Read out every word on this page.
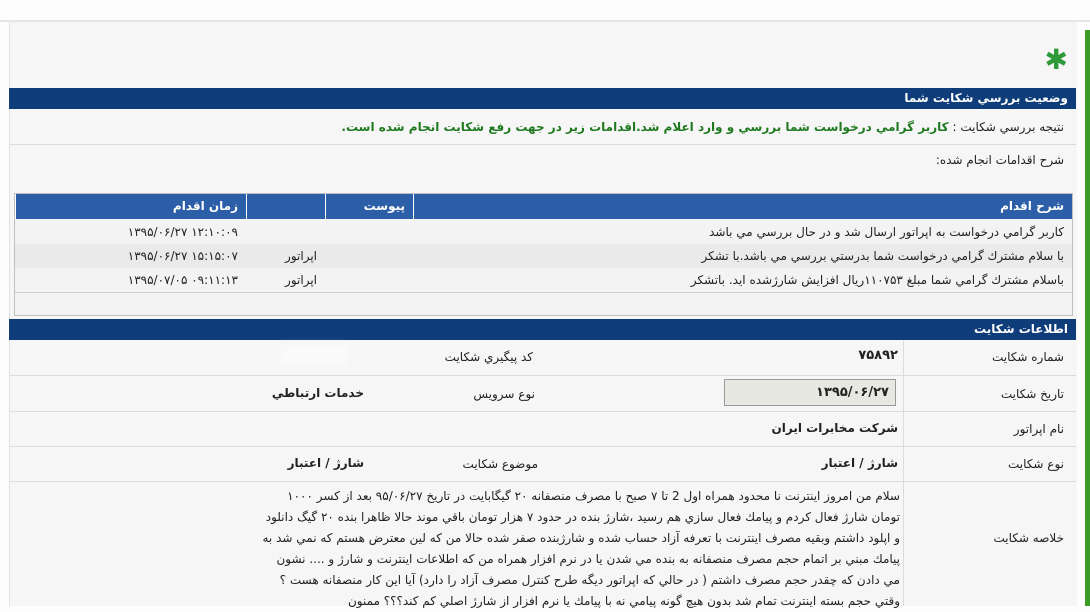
✱
وضعيت بررسي شكايت شما
نتيجه بررسي شكايت : كاربر گرامي درخواست شما بررسي و وارد اعلام شد.اقدامات زير در جهت رفع شكايت انجام شده است.
شرح اقدامات انجام شده:
شرح اقدام
پيوست
زمان اقدام
كاربر گرامي درخواست به اپراتور ارسال شد و در حال بررسي مي باشد
۱۳۹۵/۰۶/۲۷ ۱۲:۱۰:۰۹
با سلام مشترك گرامي درخواست شما بدرستي بررسي مي باشد.با تشكر
اپراتور
۱۳۹۵/۰۶/۲۷ ۱۵:۱۵:۰۷
باسلام مشترك گرامي شما مبلغ ۱۱۰۷۵۳ريال افزايش شارژشده ايد. باتشكر
اپراتور
۱۳۹۵/۰۷/۰۵ ۰۹:۱۱:۱۳
اطلاعات شكايت
شماره شكايت
۷۵۸۹۲
كد پيگيري شكايت
تاريخ شكايت
۱۳۹۵/۰۶/۲۷
نوع سرويس
خدمات ارتباطي
نام اپراتور
شركت مخابرات ايران
نوع شكايت
شارژ / اعتبار
موضوع شكايت
شارژ / اعتبار
خلاصه شكايت
سلام من امروز اينترنت نا محدود همراه اول 2 تا ۷ صبح با مصرف منصفانه ۲۰ گيگابايت در تاريخ ۹۵/۰۶/۲۷ بعد از كسر ۱۰۰۰ تومان شارژ فعال كردم و پيامك فعال سازي هم رسيد ،شارژ بنده در حدود ۷ هزار تومان باقي موند حالا ظاهرا بنده ۲۰ گيگ دانلود و اپلود داشتم وبقيه مصرف اينترنت با تعرفه آزاد حساب شده و شارژبنده صفر شده حالا من كه لين معترض هستم كه نمي شد به پيامك مبني بر اتمام حجم مصرف منصفانه به بنده مي شدن يا در نرم افزار همراه من كه اطلاعات اينترنت و شارژ و .... نشون مي دادن كه چقدر حجم مصرف داشتم ( در حالي كه اپراتور ديگه طرح كنترل مصرف آزاد را دارد) آيا اين كار منصفانه هست ؟ وقتي حجم بسته اينترنت تمام شد بدون هيچ گونه پيامي نه با پيامك يا نرم افزار از شارژ اصلي كم كند؟؟؟ ممنون
